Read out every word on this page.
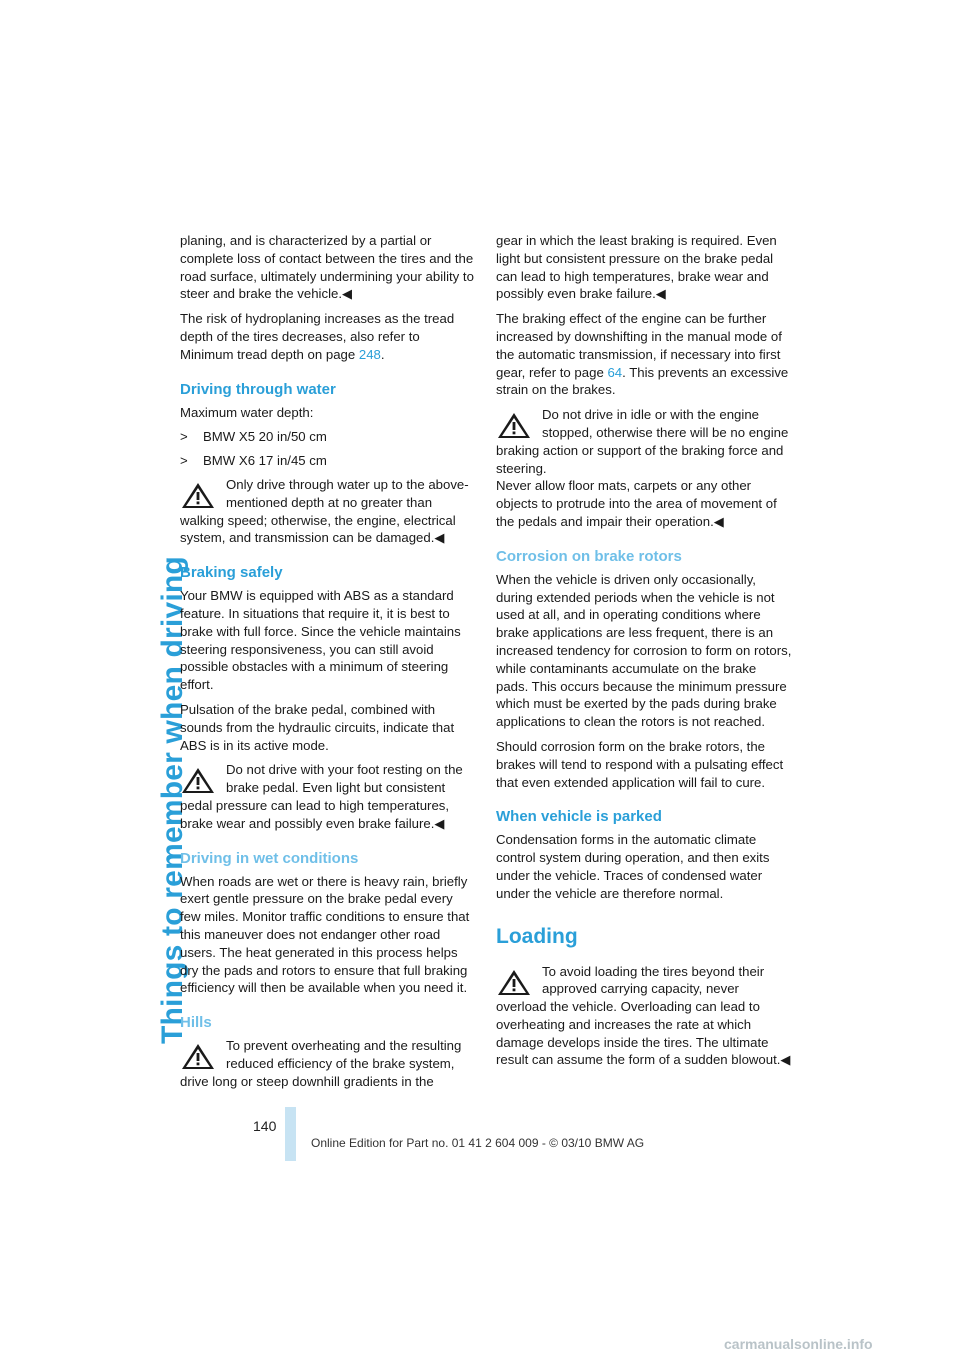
Things to remember when driving

planing, and is characterized by a partial or complete loss of contact between the tires and the road surface, ultimately undermining your ability to steer and brake the vehicle.◀

The risk of hydroplaning increases as the tread depth of the tires decreases, also refer to Minimum tread depth on page 248.

Driving through water

Maximum water depth:

> BMW X5 20 in/50 cm
> BMW X6 17 in/45 cm
Only drive through water up to the above-mentioned depth at no greater than walking speed; otherwise, the engine, electrical system, and transmission can be damaged.◀
Braking safely

Your BMW is equipped with ABS as a standard feature. In situations that require it, it is best to brake with full force. Since the vehicle maintains steering responsiveness, you can still avoid possible obstacles with a minimum of steering effort.

Pulsation of the brake pedal, combined with sounds from the hydraulic circuits, indicate that ABS is in its active mode.

Do not drive with your foot resting on the brake pedal. Even light but consistent pedal pressure can lead to high temperatures, brake wear and possibly even brake failure.◀
Driving in wet conditions

When roads are wet or there is heavy rain, briefly exert gentle pressure on the brake pedal every few miles. Monitor traffic conditions to ensure that this maneuver does not endanger other road users. The heat generated in this process helps dry the pads and rotors to ensure that full braking efficiency will then be available when you need it.

Hills
To prevent overheating and the resulting reduced efficiency of the brake system, drive long or steep downhill gradients in the

gear in which the least braking is required. Even light but consistent pressure on the brake pedal can lead to high temperatures, brake wear and possibly even brake failure.◀

The braking effect of the engine can be further increased by downshifting in the manual mode of the automatic transmission, if necessary into first gear, refer to page 64. This prevents an excessive strain on the brakes.

Do not drive in idle or with the engine stopped, otherwise there will be no engine braking action or support of the braking force and steering.
Never allow floor mats, carpets or any other objects to protrude into the area of movement of the pedals and impair their operation.◀
Corrosion on brake rotors

When the vehicle is driven only occasionally, during extended periods when the vehicle is not used at all, and in operating conditions where brake applications are less frequent, there is an increased tendency for corrosion to form on rotors, while contaminants accumulate on the brake pads. This occurs because the minimum pressure which must be exerted by the pads during brake applications to clean the rotors is not reached.

Should corrosion form on the brake rotors, the brakes will tend to respond with a pulsating effect that even extended application will fail to cure.

When vehicle is parked

Condensation forms in the automatic climate control system during operation, and then exits under the vehicle. Traces of condensed water under the vehicle are therefore normal.

Loading
To avoid loading the tires beyond their approved carrying capacity, never overload the vehicle. Overloading can lead to overheating and increases the rate at which damage develops inside the tires. The ultimate result can assume the form of a sudden blowout.◀
140
Online Edition for Part no. 01 41 2 604 009 - © 03/10 BMW AG
carmanualsonline.info
